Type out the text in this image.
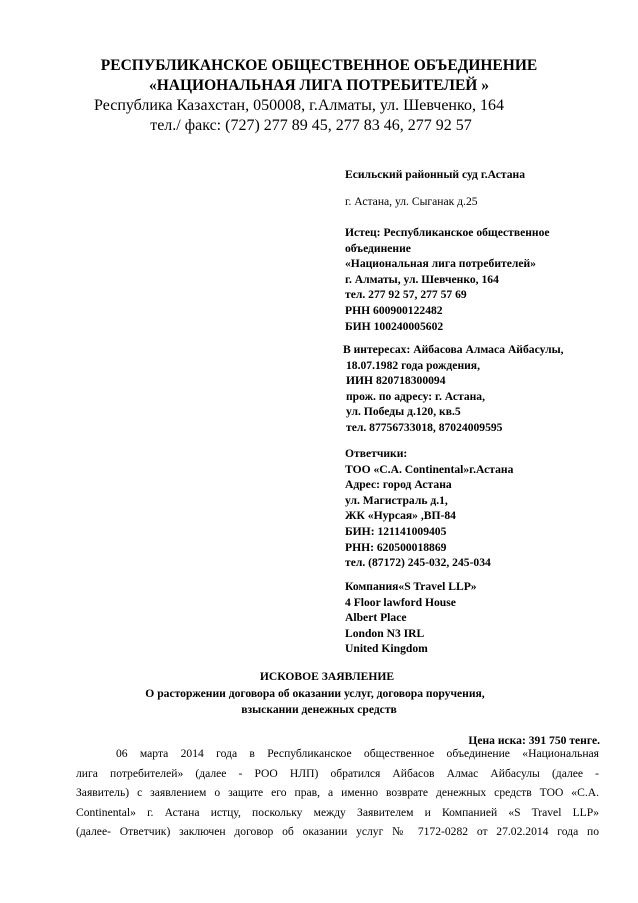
РЕСПУБЛИКАНСКОЕ ОБЩЕСТВЕННОЕ ОБЪЕДИНЕНИЕ
«НАЦИОНАЛЬНАЯ ЛИГА ПОТРЕБИТЕЛЕЙ »
Республика Казахстан, 050008, г.Алматы, ул. Шевченко, 164
тел./ факс: (727) 277 89 45, 277 83 46, 277 92 57
Есильский районный суд г.Астана
г. Астана, ул. Сыганак д.25
Истец: Республиканское общественное
объединение
«Национальная лига потребителей»
г. Алматы, ул. Шевченко, 164
тел. 277 92 57, 277 57 69
РНН 600900122482
БИН 100240005602
В интересах: Айбасова Алмаса Айбасулы,
18.07.1982 года рождения,
ИИН 820718300094
прож. по адресу: г. Астана,
ул. Победы д.120, кв.5
тел. 87756733018, 87024009595
Ответчики:
ТОО «С.А. Continental»г.Астана
Адрес: город Астана
ул. Магистраль д.1,
ЖК «Нурсая» ,ВП-84
БИН: 121141009405
РНН: 620500018869
тел. (87172) 245-032, 245-034
Компания«S Travel LLP»
4 Floor lawford House
Albert Place
London N3 IRL
United Kingdom
ИСКОВОЕ ЗАЯВЛЕНИЕ
О расторжении договора об оказании услуг, договора поручения,
взыскании денежных средств
Цена иска: 391 750 тенге.
06 марта 2014 года в Республиканское общественное объединение «Национальная
лига потребителей» (далее - РОО НЛП) обратился Айбасов Алмас Айбасулы (далее -
Заявитель) с заявлением о защите его прав, а именно возврате денежных средств ТОО «С.А.
Continental» г. Астана истцу, поскольку между Заявителем и Компанией «S Travel LLP»
(далее- Ответчик) заключен договор об оказании услуг № 7172-0282 от 27.02.2014 года по
